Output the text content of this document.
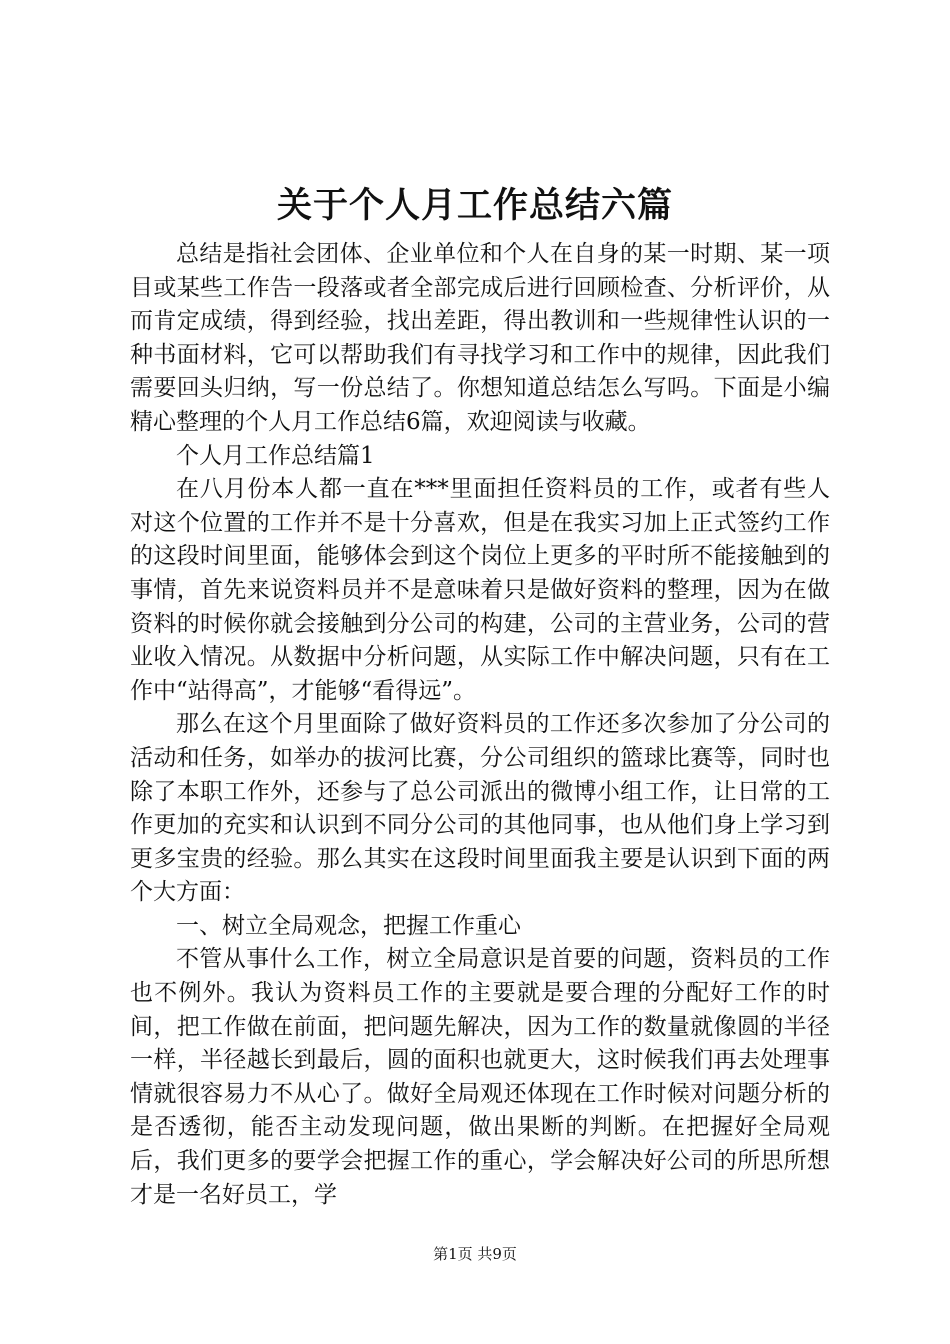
关于个人月工作总结六篇

总结是指社会团体、企业单位和个人在自身的某一时期、某一项目或某些工作告一段落或者全部完成后进行回顾检查、分析评价，从而肯定成绩，得到经验，找出差距，得出教训和一些规律性认识的一种书面材料，它可以帮助我们有寻找学习和工作中的规律，因此我们需要回头归纳，写一份总结了。你想知道总结怎么写吗。下面是小编精心整理的个人月工作总结6篇，欢迎阅读与收藏。

个人月工作总结篇1

在八月份本人都一直在***里面担任资料员的工作，或者有些人对这个位置的工作并不是十分喜欢，但是在我实习加上正式签约工作的这段时间里面，能够体会到这个岗位上更多的平时所不能接触到的事情，首先来说资料员并不是意味着只是做好资料的整理，因为在做资料的时候你就会接触到分公司的构建，公司的主营业务，公司的营业收入情况。从数据中分析问题，从实际工作中解决问题，只有在工作中“站得高”，才能够“看得远”。

那么在这个月里面除了做好资料员的工作还多次参加了分公司的活动和任务，如举办的拔河比赛，分公司组织的篮球比赛等，同时也除了本职工作外，还参与了总公司派出的微博小组工作，让日常的工作更加的充实和认识到不同分公司的其他同事，也从他们身上学习到更多宝贵的经验。那么其实在这段时间里面我主要是认识到下面的两个大方面：

一、树立全局观念，把握工作重心

不管从事什么工作，树立全局意识是首要的问题，资料员的工作也不例外。我认为资料员工作的主要就是要合理的分配好工作的时间，把工作做在前面，把问题先解决，因为工作的数量就像圆的半径一样，半径越长到最后，圆的面积也就更大，这时候我们再去处理事情就很容易力不从心了。做好全局观还体现在工作时候对问题分析的是否透彻，能否主动发现问题，做出果断的判断。在把握好全局观后，我们更多的要学会把握工作的重心，学会解决好公司的所思所想才是一名好员工，学

第1页 共9页
